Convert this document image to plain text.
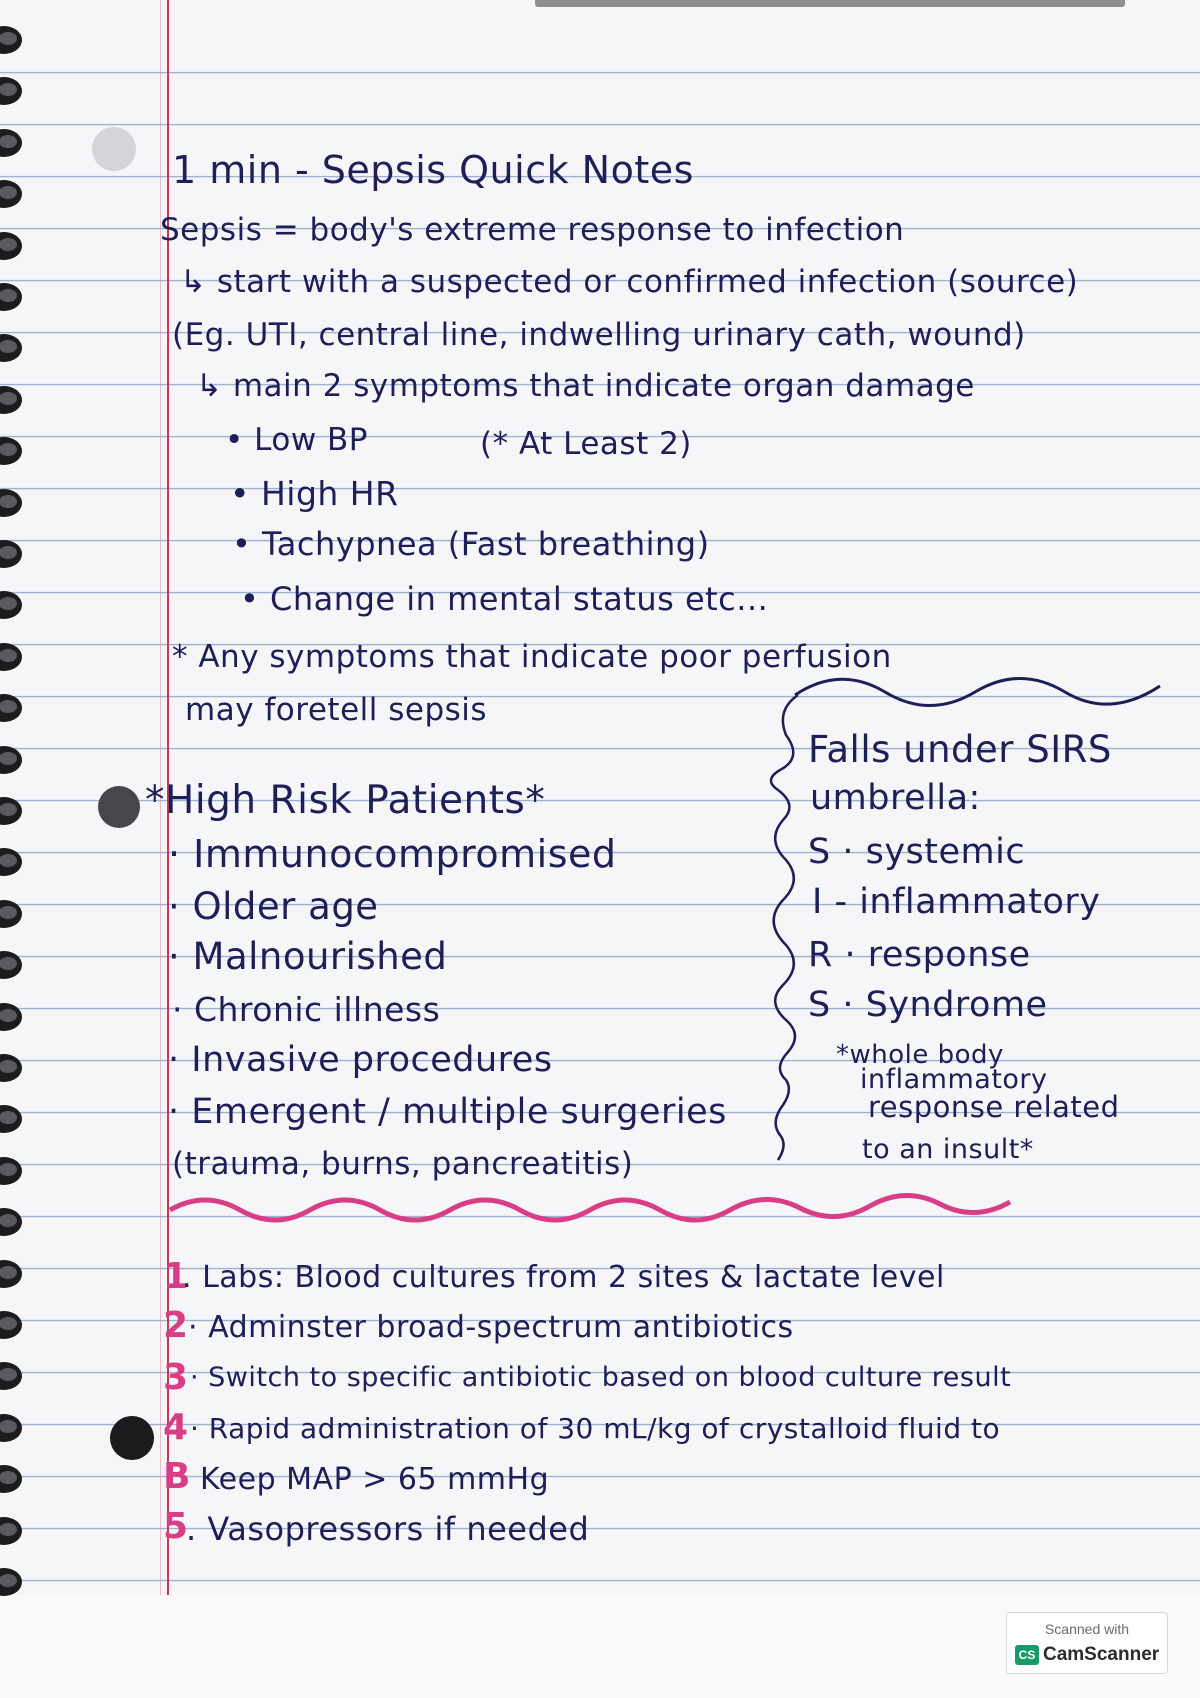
1 min - Sepsis Quick Notes
Sepsis = body's extreme response to infection
↳ start with a suspected or confirmed infection (source)
(Eg. UTI, central line, indwelling urinary cath, wound)
↳ main 2 symptoms that indicate organ damage
• Low BP	(* At Least 2)
• High HR
• Tachypnea (Fast breathing)
• Change in mental status etc...
* Any symptoms that indicate poor perfusion
may foretell sepsis
Falls under SIRS
umbrella:
S · systemic
I - inflammatory
R · response
S · Syndrome
*whole body
inflammatory
response related
to an insult*
*High Risk Patients*
· Immunocompromised
· Older age
· Malnourished
· Chronic illness
· Invasive procedures
· Emergent / multiple surgeries
(trauma, burns, pancreatitis)
1
. Labs: Blood cultures from 2 sites & lactate level
2 · Adminster broad-spectrum antibiotics
3 · Switch to specific antibiotic based on blood culture result
4 · Rapid administration of 30 mL/kg of crystalloid fluid to
B Keep MAP > 65 mmHg
5
. Vasopressors if needed
Scanned with
CS CamScanner
